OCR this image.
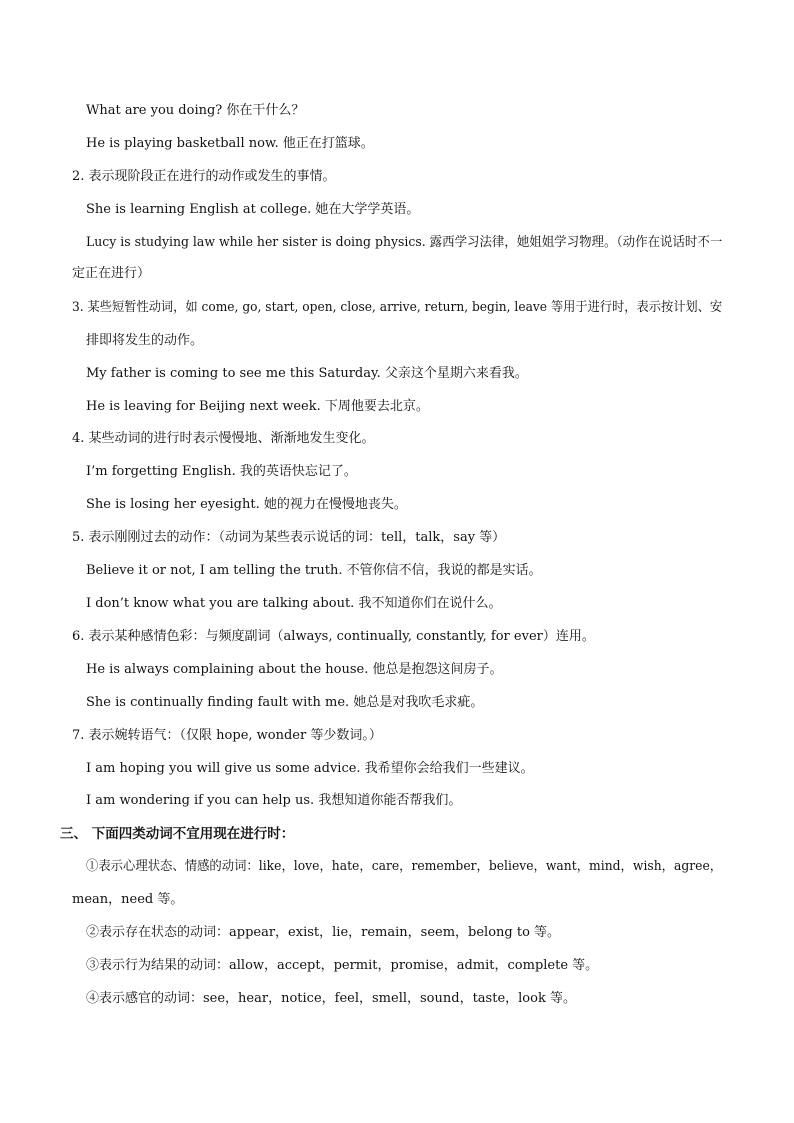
What are you doing? 你在干什么？
He is playing basketball now. 他正在打篮球。
2. 表示现阶段正在进行的动作或发生的事情。
She is learning English at college. 她在大学学英语。
Lucy is studying law while her sister is doing physics. 露西学习法律，她姐姐学习物理。（动作在说话时不一
定正在进行）
3. 某些短暂性动词，如 come, go, start, open, close, arrive, return, begin, leave 等用于进行时，表示按计划、安
排即将发生的动作。
My father is coming to see me this Saturday. 父亲这个星期六来看我。
He is leaving for Beijing next week. 下周他要去北京。
4. 某些动词的进行时表示慢慢地、渐渐地发生变化。
I’m forgetting English. 我的英语快忘记了。
She is losing her eyesight. 她的视力在慢慢地丧失。
5. 表示刚刚过去的动作：（动词为某些表示说话的词：tell，talk，say 等）
Believe it or not, I am telling the truth. 不管你信不信，我说的都是实话。
I don’t know what you are talking about. 我不知道你们在说什么。
6. 表示某种感情色彩：与频度副词（always, continually, constantly, for ever）连用。
He is always complaining about the house. 他总是抱怨这间房子。
She is continually finding fault with me. 她总是对我吹毛求疵。
7. 表示婉转语气：（仅限 hope, wonder 等少数词。）
I am hoping you will give us some advice. 我希望你会给我们一些建议。
I am wondering if you can help us. 我想知道你能否帮我们。
三、 下面四类动词不宜用现在进行时：
①表示心理状态、情感的动词：like，love，hate，care，remember，believe，want，mind，wish，agree，
mean，need 等。
②表示存在状态的动词：appear，exist，lie，remain，seem，belong to 等。
③表示行为结果的动词：allow，accept，permit，promise，admit，complete 等。
④表示感官的动词：see，hear，notice，feel，smell，sound，taste，look 等。
